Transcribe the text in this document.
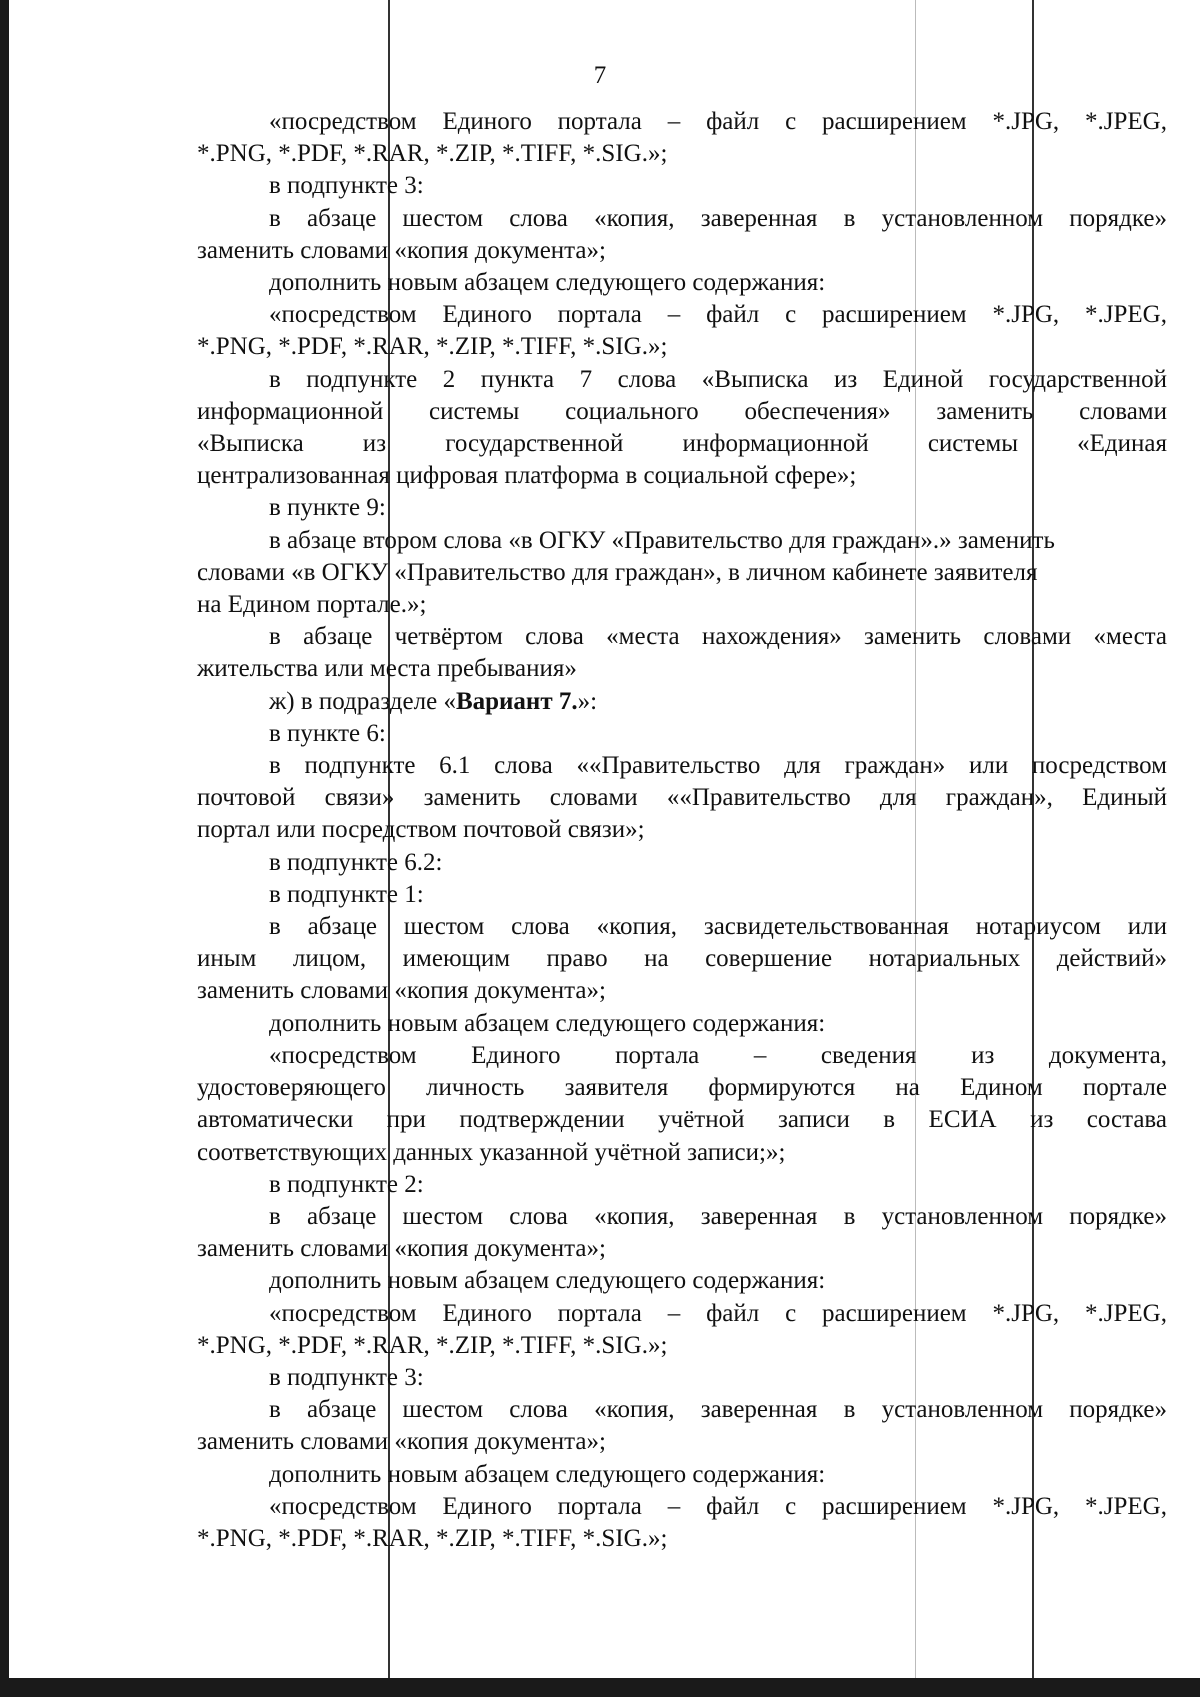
7
«посредством Единого портала – файл с расширением *.JPG, *.JPEG,
*.PNG, *.PDF, *.RAR, *.ZIP, *.TIFF, *.SIG.»;
в подпункте 3:
в абзаце шестом слова «копия, заверенная в установленном порядке»
заменить словами «копия документа»;
дополнить новым абзацем следующего содержания:
«посредством Единого портала – файл с расширением *.JPG, *.JPEG,
*.PNG, *.PDF, *.RAR, *.ZIP, *.TIFF, *.SIG.»;
в подпункте 2 пункта 7 слова «Выписка из Единой государственной
информационной системы социального обеспечения» заменить словами
«Выписка из государственной информационной системы «Единая
централизованная цифровая платформа в социальной сфере»;
в пункте 9:
в абзаце втором слова «в ОГКУ «Правительство для граждан».» заменить
словами «в ОГКУ «Правительство для граждан», в личном кабинете заявителя
на Едином портале.»;
в абзаце четвёртом слова «места нахождения» заменить словами «места
жительства или места пребывания»
ж) в подразделе «Вариант 7.»:
в пункте 6:
в подпункте 6.1 слова ««Правительство для граждан» или посредством
почтовой связи» заменить словами ««Правительство для граждан», Единый
портал или посредством почтовой связи»;
в подпункте 6.2:
в подпункте 1:
в абзаце шестом слова «копия, засвидетельствованная нотариусом или
иным лицом, имеющим право на совершение нотариальных действий»
заменить словами «копия документа»;
дополнить новым абзацем следующего содержания:
«посредством Единого портала – сведения из документа,
удостоверяющего личность заявителя формируются на Едином портале
автоматически при подтверждении учётной записи в ЕСИА из состава
соответствующих данных указанной учётной записи;»;
в подпункте 2:
в абзаце шестом слова «копия, заверенная в установленном порядке»
заменить словами «копия документа»;
дополнить новым абзацем следующего содержания:
«посредством Единого портала – файл с расширением *.JPG, *.JPEG,
*.PNG, *.PDF, *.RAR, *.ZIP, *.TIFF, *.SIG.»;
в подпункте 3:
в абзаце шестом слова «копия, заверенная в установленном порядке»
заменить словами «копия документа»;
дополнить новым абзацем следующего содержания:
«посредством Единого портала – файл с расширением *.JPG, *.JPEG,
*.PNG, *.PDF, *.RAR, *.ZIP, *.TIFF, *.SIG.»;
